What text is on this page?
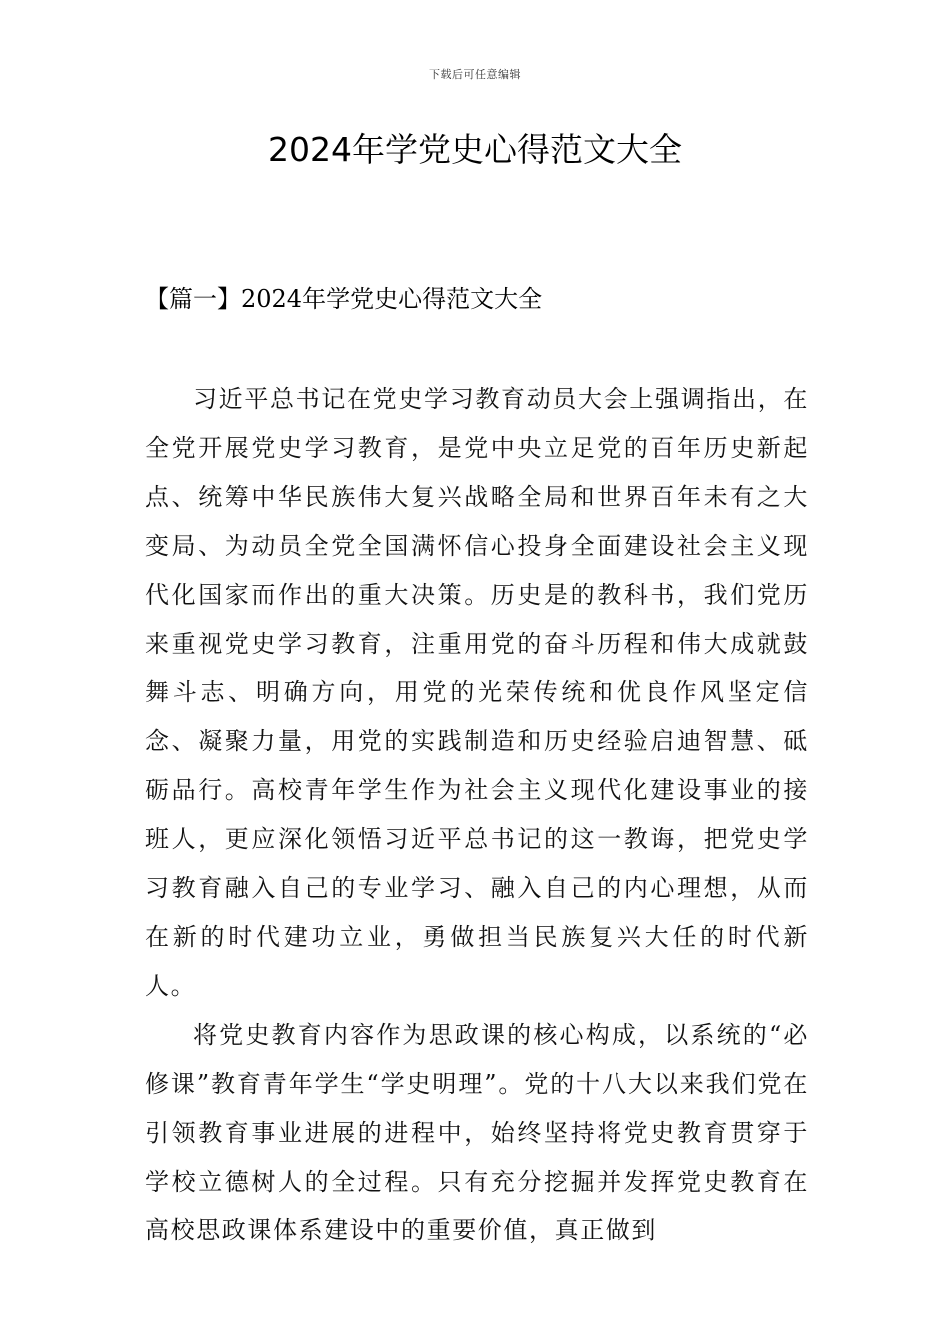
下载后可任意编辑
2024年学党史心得范文大全
【篇一】2024年学党史心得范文大全

习近平总书记在党史学习教育动员大会上强调指出，在全党开展党史学习教育，是党中央立足党的百年历史新起点、统筹中华民族伟大复兴战略全局和世界百年未有之大变局、为动员全党全国满怀信心投身全面建设社会主义现代化国家而作出的重大决策。历史是的教科书，我们党历来重视党史学习教育，注重用党的奋斗历程和伟大成就鼓舞斗志、明确方向，用党的光荣传统和优良作风坚定信念、凝聚力量，用党的实践制造和历史经验启迪智慧、砥砺品行。高校青年学生作为社会主义现代化建设事业的接班人，更应深化领悟习近平总书记的这一教诲，把党史学习教育融入自己的专业学习、融入自己的内心理想，从而在新的时代建功立业，勇做担当民族复兴大任的时代新人。

将党史教育内容作为思政课的核心构成，以系统的“必修课”教育青年学生“学史明理”。党的十八大以来我们党在引领教育事业进展的进程中，始终坚持将党史教育贯穿于学校立德树人的全过程。只有充分挖掘并发挥党史教育在高校思政课体系建设中的重要价值，真正做到
